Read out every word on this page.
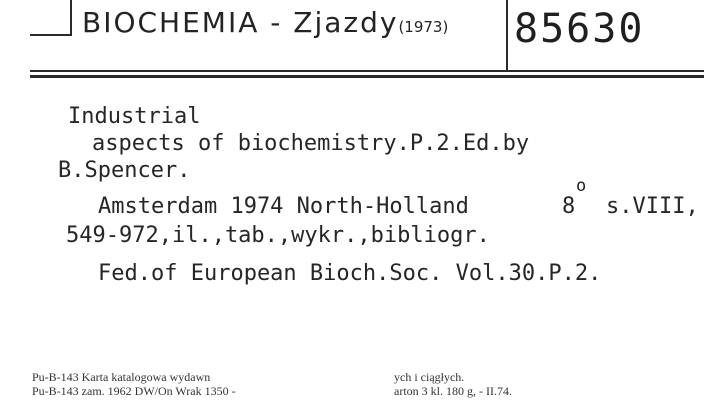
BIOCHEMIA - Zjazdy(1973) 85630
Industrial
aspects of biochemistry.P.2.Ed.by
B.Spencer.
Amsterdam 1974 North-Holland	8
o
s.VIII,
549-972,il.,tab.,wykr.,bibliogr.
Fed.of European Bioch.Soc. Vol.30.P.2.
Pu-B-143 Karta katalogowa wydawn
Pu-B-143 zam. 1962 DW/On Wrak 1350 -
ych i ciągłych.
arton 3 kl. 180 g, - II.74.
